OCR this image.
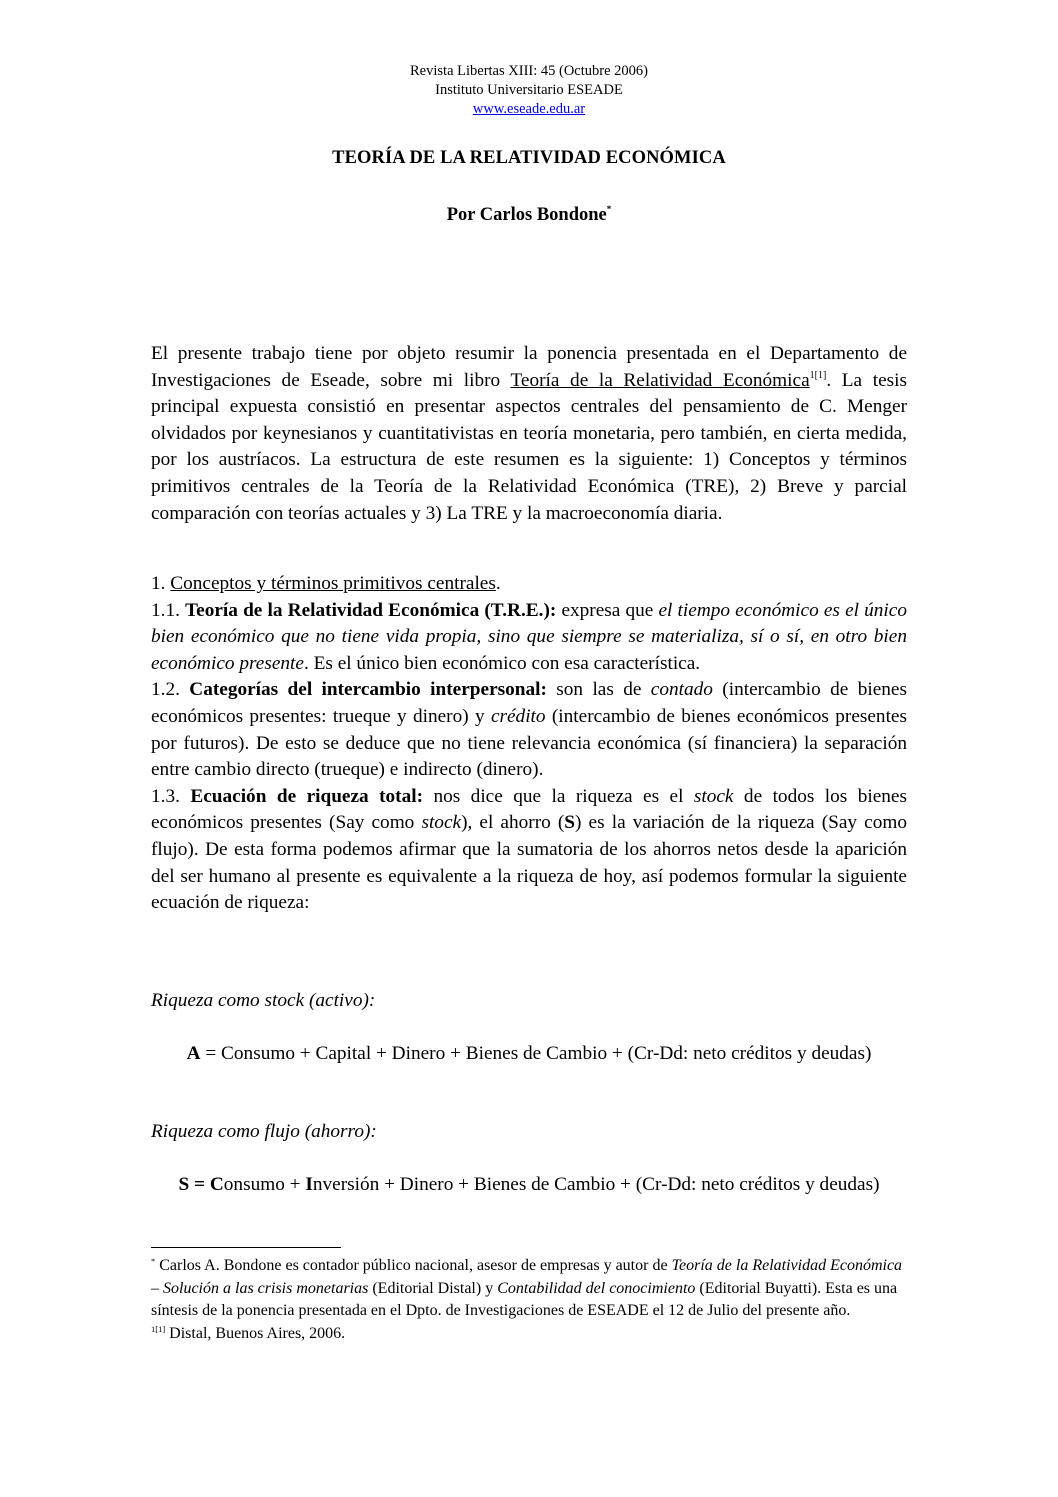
Revista Libertas XIII: 45 (Octubre 2006)
Instituto Universitario ESEADE
www.eseade.edu.ar
TEORÍA DE LA RELATIVIDAD ECONÓMICA
Por Carlos Bondone*
El presente trabajo tiene por objeto resumir la ponencia presentada en el Departamento de Investigaciones de Eseade, sobre mi libro Teoría de la Relatividad Económica$^{1[1]}$. La tesis principal expuesta consistió en presentar aspectos centrales del pensamiento de C. Menger olvidados por keynesianos y cuantitativistas en teoría monetaria, pero también, en cierta medida, por los austríacos. La estructura de este resumen es la siguiente: 1) Conceptos y términos primitivos centrales de la Teoría de la Relatividad Económica (TRE), 2) Breve y parcial comparación con teorías actuales y 3) La TRE y la macroeconomía diaria.
1. Conceptos y términos primitivos centrales.
1.1. Teoría de la Relatividad Económica (T.R.E.): expresa que el tiempo económico es el único bien económico que no tiene vida propia, sino que siempre se materializa, sí o sí, en otro bien económico presente. Es el único bien económico con esa característica.
1.2. Categorías del intercambio interpersonal: son las de contado (intercambio de bienes económicos presentes: trueque y dinero) y crédito (intercambio de bienes económicos presentes por futuros). De esto se deduce que no tiene relevancia económica (sí financiera) la separación entre cambio directo (trueque) e indirecto (dinero).
1.3. Ecuación de riqueza total: nos dice que la riqueza es el stock de todos los bienes económicos presentes (Say como stock), el ahorro (S) es la variación de la riqueza (Say como flujo). De esta forma podemos afirmar que la sumatoria de los ahorros netos desde la aparición del ser humano al presente es equivalente a la riqueza de hoy, así podemos formular la siguiente ecuación de riqueza:
Riqueza como stock (activo):
A = Consumo + Capital + Dinero + Bienes de Cambio + (Cr-Dd: neto créditos y deudas)
Riqueza como flujo (ahorro):
S = Consumo + Inversión + Dinero + Bienes de Cambio + (Cr-Dd: neto créditos y deudas)
* Carlos A. Bondone es contador público nacional, asesor de empresas y autor de Teoría de la Relatividad Económica – Solución a las crisis monetarias (Editorial Distal) y Contabilidad del conocimiento (Editorial Buyatti). Esta es una síntesis de la ponencia presentada en el Dpto. de Investigaciones de ESEADE el 12 de Julio del presente año.
$^{1[1]}$ Distal, Buenos Aires, 2006.
